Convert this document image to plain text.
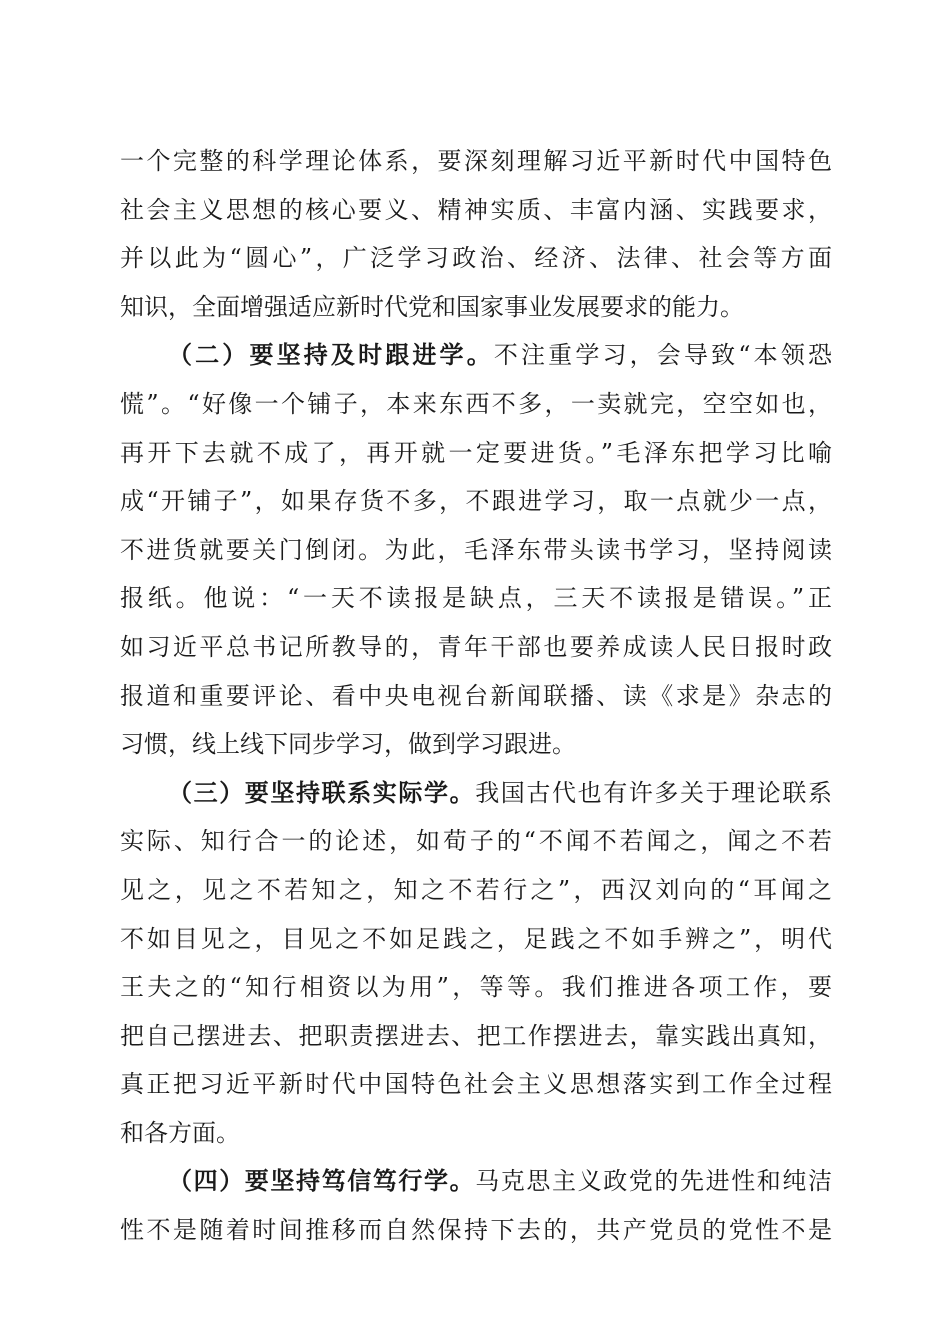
一个完整的科学理论体系，要深刻理解习近平新时代中国特色
社会主义思想的核心要义、精神实质、丰富内涵、实践要求，
并以此为“圆心”，广泛学习政治、经济、法律、社会等方面
知识，全面增强适应新时代党和国家事业发展要求的能力。
（二）要坚持及时跟进学。不注重学习，会导致“本领恐
慌”。“好像一个铺子，本来东西不多，一卖就完，空空如也，
再开下去就不成了，再开就一定要进货。”毛泽东把学习比喻
成“开铺子”，如果存货不多，不跟进学习，取一点就少一点，
不进货就要关门倒闭。为此，毛泽东带头读书学习，坚持阅读
报纸。他说：“一天不读报是缺点，三天不读报是错误。”正
如习近平总书记所教导的，青年干部也要养成读人民日报时政
报道和重要评论、看中央电视台新闻联播、读《求是》杂志的
习惯，线上线下同步学习，做到学习跟进。
（三）要坚持联系实际学。我国古代也有许多关于理论联系
实际、知行合一的论述，如荀子的“不闻不若闻之，闻之不若
见之，见之不若知之，知之不若行之”，西汉刘向的“耳闻之
不如目见之，目见之不如足践之，足践之不如手辨之”，明代
王夫之的“知行相资以为用”，等等。我们推进各项工作，要
把自己摆进去、把职责摆进去、把工作摆进去，靠实践出真知，
真正把习近平新时代中国特色社会主义思想落实到工作全过程
和各方面。
（四）要坚持笃信笃行学。马克思主义政党的先进性和纯洁
性不是随着时间推移而自然保持下去的，共产党员的党性不是
